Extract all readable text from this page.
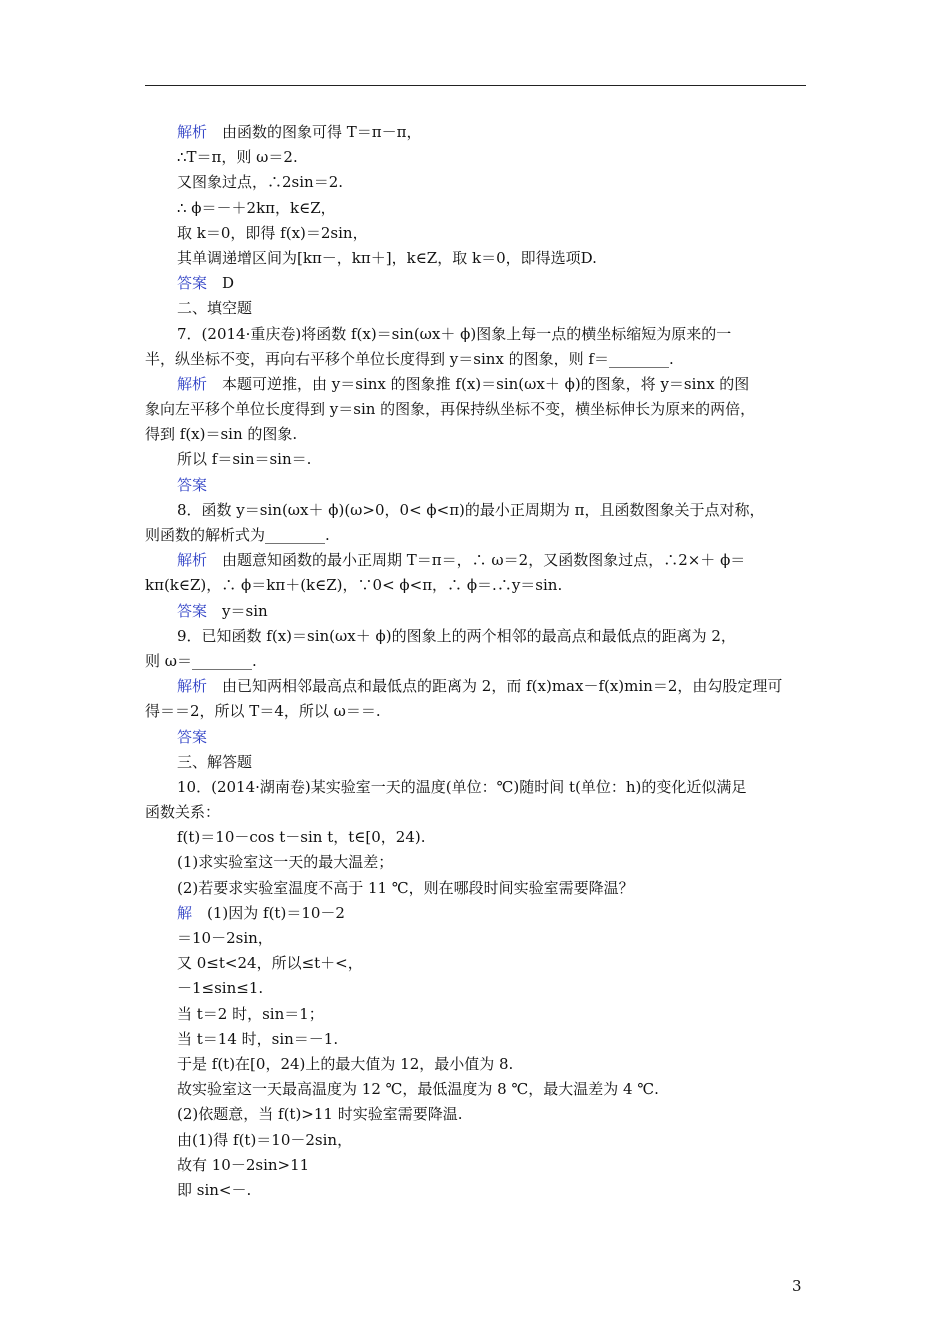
解析　由函数的图象可得 T＝π－π，
∴T＝π，则 ω＝2.
又图象过点，∴2sin＝2.
∴ ϕ＝－＋2kπ，k∈Z，
取 k＝0，即得 f(x)＝2sin，
其单调递增区间为[kπ－，kπ＋]，k∈Z，取 k＝0，即得选项D.
答案　D
二、填空题
7．(2014·重庆卷)将函数 f(x)＝sin(ωx＋ ϕ)图象上每一点的横坐标缩短为原来的一
半，纵坐标不变，再向右平移个单位长度得到 y＝sinx 的图象，则 f＝________.
解析　本题可逆推，由 y＝sinx 的图象推 f(x)＝sin(ωx＋ ϕ)的图象，将 y＝sinx 的图
象向左平移个单位长度得到 y＝sin 的图象，再保持纵坐标不变，横坐标伸长为原来的两倍，
得到 f(x)＝sin 的图象.
所以 f＝sin＝sin＝.
答案
8．函数 y＝sin(ωx＋ ϕ)(ω>0，0< ϕ<π)的最小正周期为 π，且函数图象关于点对称，
则函数的解析式为________.
解析　由题意知函数的最小正周期 T＝π＝，∴ ω＝2，又函数图象过点，∴2×＋ ϕ＝
kπ(k∈Z)，∴ ϕ＝kπ＋(k∈Z)，∵0< ϕ<π，∴ ϕ＝.∴y＝sin.
答案　y＝sin
9．已知函数 f(x)＝sin(ωx＋ ϕ)的图象上的两个相邻的最高点和最低点的距离为 2，
则 ω＝________.
解析　由已知两相邻最高点和最低点的距离为 2，而 f(x)max－f(x)min＝2，由勾股定理可
得＝＝2，所以 T＝4，所以 ω＝＝.
答案
三、解答题
10．(2014·湖南卷)某实验室一天的温度(单位：℃)随时间 t(单位：h)的变化近似满足
函数关系：
f(t)＝10－cos t－sin t，t∈[0，24).
(1)求实验室这一天的最大温差；
(2)若要求实验室温度不高于 11 ℃，则在哪段时间实验室需要降温？
解　(1)因为 f(t)＝10－2
＝10－2sin，
又 0≤t<24，所以≤t＋<，
－1≤sin≤1.
当 t＝2 时，sin＝1；
当 t＝14 时，sin＝－1.
于是 f(t)在[0，24)上的最大值为 12，最小值为 8.
故实验室这一天最高温度为 12 ℃，最低温度为 8 ℃，最大温差为 4 ℃.
(2)依题意，当 f(t)>11 时实验室需要降温.
由(1)得 f(t)＝10－2sin，
故有 10－2sin>11
即 sin<－.
3
